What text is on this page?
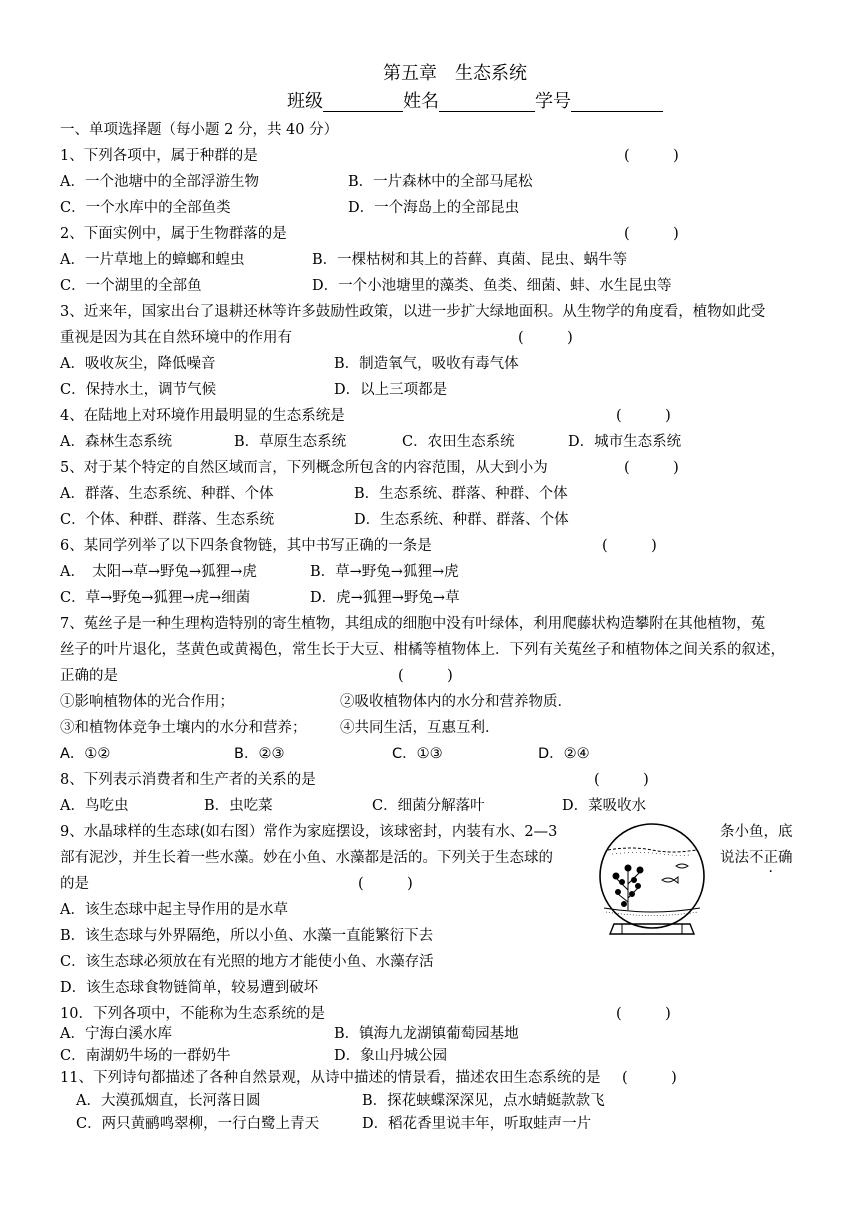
第五章　生态系统
班级	姓名	学号
一、单项选择题（每小题 2 分，共 40 分）
1、下列各项中，属于种群的是	(　　　)
A．一个池塘中的全部浮游生物	B．一片森林中的全部马尾松
C．一个水库中的全部鱼类	D．一个海岛上的全部昆虫
2、下面实例中，属于生物群落的是	(　　　)
A．一片草地上的蟑螂和蝗虫	B．一棵枯树和其上的苔藓、真菌、昆虫、蜗牛等
C．一个湖里的全部鱼	D．一个小池塘里的藻类、鱼类、细菌、蚌、水生昆虫等
3、近来年，国家出台了退耕还林等许多鼓励性政策，以进一步扩大绿地面积。从生物学的角度看，植物如此受
重视是因为其在自然环境中的作用有	(　　　)
A．吸收灰尘，降低噪音	B．制造氧气，吸收有毒气体
C．保持水土，调节气候	D．以上三项都是
4、在陆地上对环境作用最明显的生态系统是	(　　　)
A．森林生态系统	B．草原生态系统	C．农田生态系统	D．城市生态系统
5、对于某个特定的自然区域而言，下列概念所包含的内容范围，从大到小为	(　　　)
A．群落、生态系统、种群、个体	B．生态系统、群落、种群、个体
C．个体、种群、群落、生态系统	D．生态系统、种群、群落、个体
6、某同学列举了以下四条食物链，其中书写正确的一条是	(　　　)
A．　太阳→草→野兔→狐狸→虎	B．草→野兔→狐狸→虎
C．草→野兔→狐狸→虎→细菌	D．虎→狐狸→野兔→草
7、菟丝子是一种生理构造特别的寄生植物，其组成的细胞中没有叶绿体，利用爬藤状构造攀附在其他植物，菟
丝子的叶片退化，茎黄色或黄褐色，常生长于大豆、柑橘等植物体上．下列有关菟丝子和植物体之间关系的叙述，
正确的是	(　　　)
①影响植物体的光合作用；	②吸收植物体内的水分和营养物质．
③和植物体竞争土壤内的水分和营养； ④共同生活，互惠互利．
A．①②	B．②③	C．①③	D．②④
8、下列表示消费者和生产者的关系的是	(　　　)
A．鸟吃虫	B．虫吃菜	C．细菌分解落叶	D．菜吸收水
9、水晶球样的生态球(如右图）常作为家庭摆设，该球密封，内装有水、2—3	条小鱼，底
部有泥沙，并生长着一些水藻。妙在小鱼、水藻都是活的。下列关于生态球的	说法不正确
的是	(　　　)
A．该生态球中起主导作用的是水草
B．该生态球与外界隔绝，所以小鱼、水藻一直能繁衍下去
C．该生态球必须放在有光照的地方才能使小鱼、水藻存活
D．该生态球食物链简单，较易遭到破坏
10．下列各项中，不能称为生态系统的是	(　　　)
A．宁海白溪水库	B．镇海九龙湖镇葡萄园基地
C．南湖奶牛场的一群奶牛	D．象山丹城公园
11、下列诗句都描述了各种自然景观，从诗中描述的情景看，描述农田生态系统的是 (　　　)
A．大漠孤烟直，长河落日圆	B．探花蛱蝶深深见，点水蜻蜓款款飞
C．两只黄鹂鸣翠柳，一行白鹭上青天	D．稻花香里说丰年，听取蛙声一片
